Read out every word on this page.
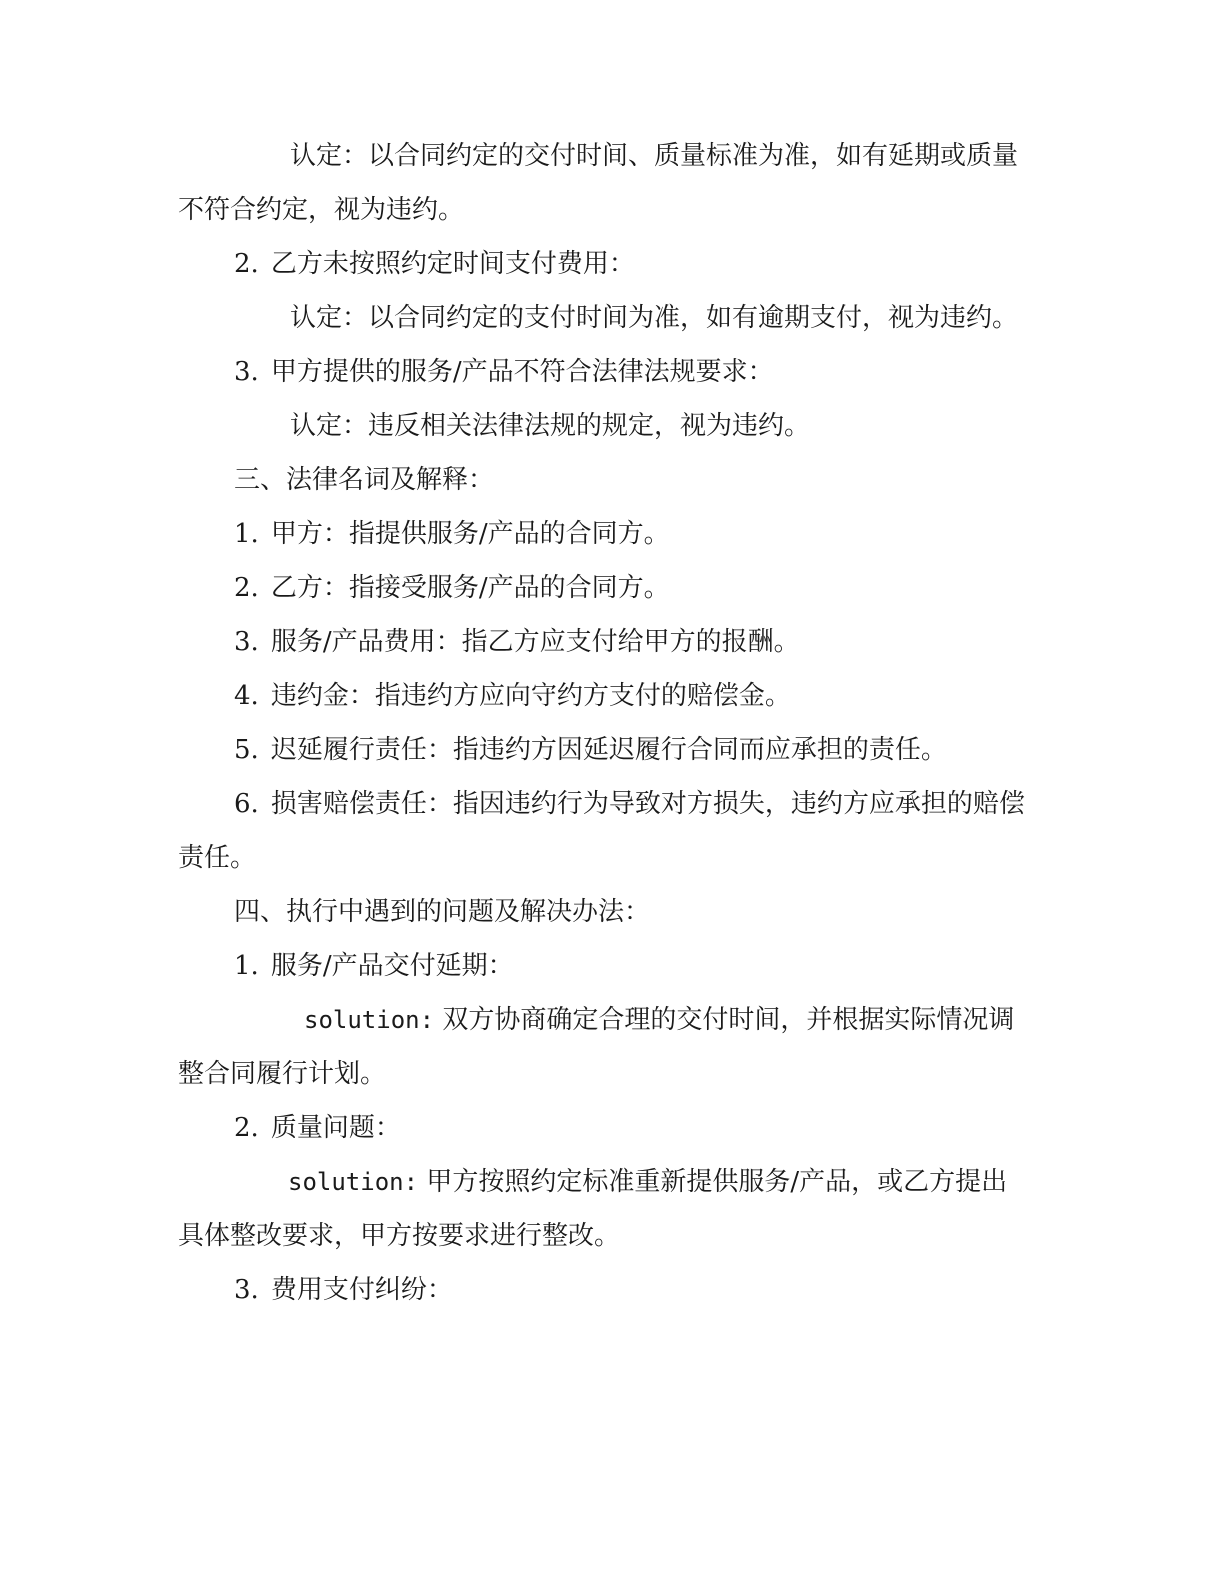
认定：以合同约定的交付时间、质量标准为准，如有延期或质量不符合约定，视为违约。

2. 乙方未按照约定时间支付费用：

认定：以合同约定的支付时间为准，如有逾期支付，视为违约。

3. 甲方提供的服务/产品不符合法律法规要求：

认定：违反相关法律法规的规定，视为违约。

三、法律名词及解释：

1. 甲方：指提供服务/产品的合同方。

2. 乙方：指接受服务/产品的合同方。

3. 服务/产品费用：指乙方应支付给甲方的报酬。

4. 违约金：指违约方应向守约方支付的赔偿金。

5. 迟延履行责任：指违约方因延迟履行合同而应承担的责任。

6. 损害赔偿责任：指因违约行为导致对方损失，违约方应承担的赔偿责任。

四、执行中遇到的问题及解决办法：

1. 服务/产品交付延期：

solution: 双方协商确定合理的交付时间，并根据实际情况调整合同履行计划。

2. 质量问题：

solution: 甲方按照约定标准重新提供服务/产品，或乙方提出具体整改要求，甲方按要求进行整改。

3. 费用支付纠纷：
